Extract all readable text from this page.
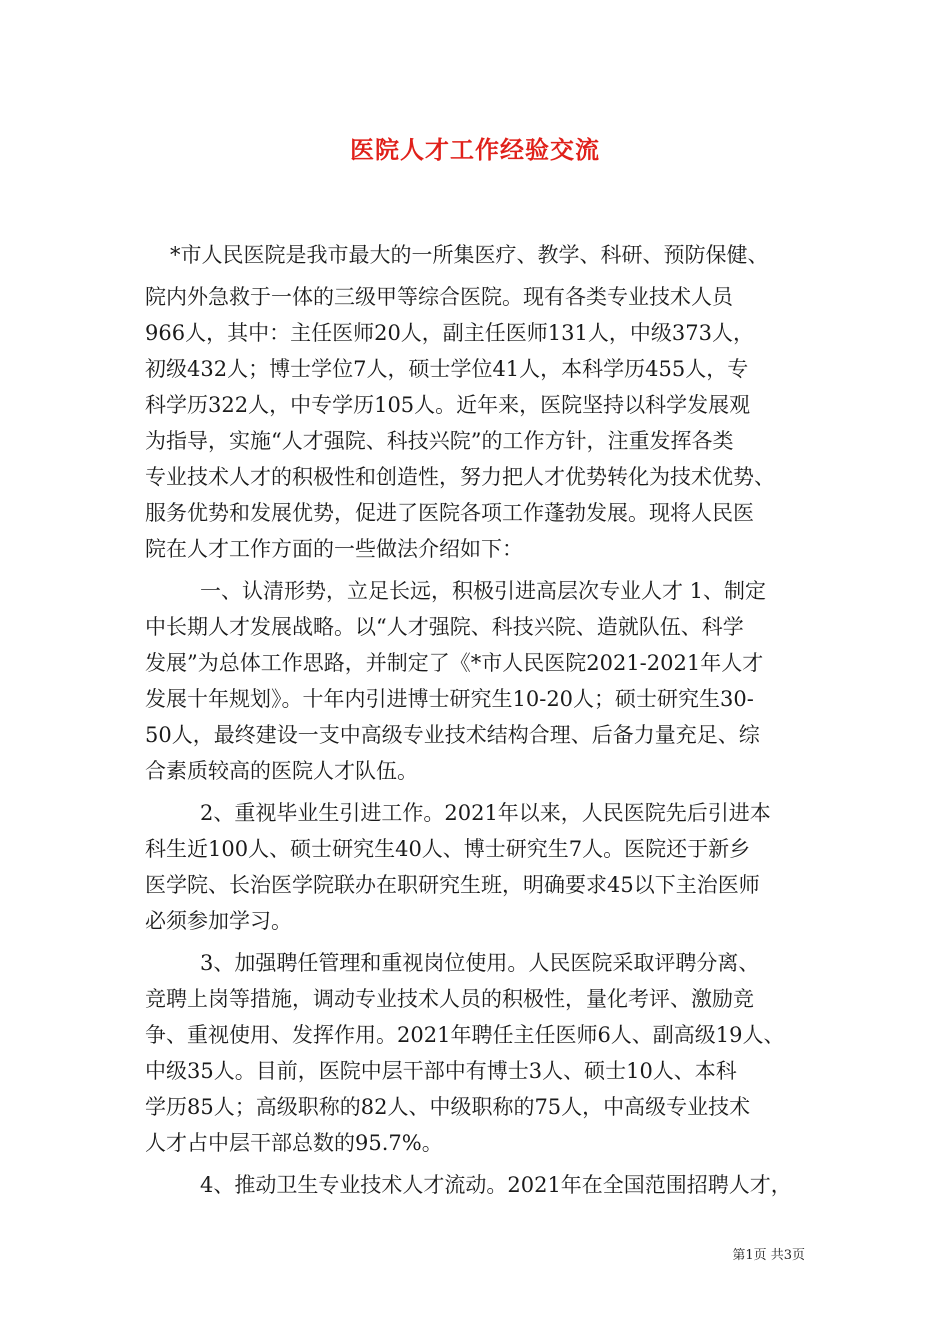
医院人才工作经验交流
*市人民医院是我市最大的一所集医疗、教学、科研、预防保健、
院内外急救于一体的三级甲等综合医院。现有各类专业技术人员
966人，其中：主任医师20人，副主任医师131人，中级373人，
初级432人；博士学位7人，硕士学位41人，本科学历455人，专
科学历322人，中专学历105人。近年来，医院坚持以科学发展观
为指导，实施“人才强院、科技兴院”的工作方针，注重发挥各类
专业技术人才的积极性和创造性，努力把人才优势转化为技术优势、
服务优势和发展优势，促进了医院各项工作蓬勃发展。现将人民医
院在人才工作方面的一些做法介绍如下：
一、认清形势，立足长远，积极引进高层次专业人才 1、制定
中长期人才发展战略。以“人才强院、科技兴院、造就队伍、科学
发展”为总体工作思路，并制定了《*市人民医院2021-2021年人才
发展十年规划》。十年内引进博士研究生10-20人；硕士研究生30-
50人，最终建设一支中高级专业技术结构合理、后备力量充足、综
合素质较高的医院人才队伍。
2、重视毕业生引进工作。2021年以来，人民医院先后引进本
科生近100人、硕士研究生40人、博士研究生7人。医院还于新乡
医学院、长治医学院联办在职研究生班，明确要求45以下主治医师
必须参加学习。
3、加强聘任管理和重视岗位使用。人民医院采取评聘分离、
竞聘上岗等措施，调动专业技术人员的积极性，量化考评、激励竞
争、重视使用、发挥作用。2021年聘任主任医师6人、副高级19人、
中级35人。目前，医院中层干部中有博士3人、硕士10人、本科
学历85人；高级职称的82人、中级职称的75人，中高级专业技术
人才占中层干部总数的95.7%。
4、推动卫生专业技术人才流动。2021年在全国范围招聘人才，
第1页 共3页
